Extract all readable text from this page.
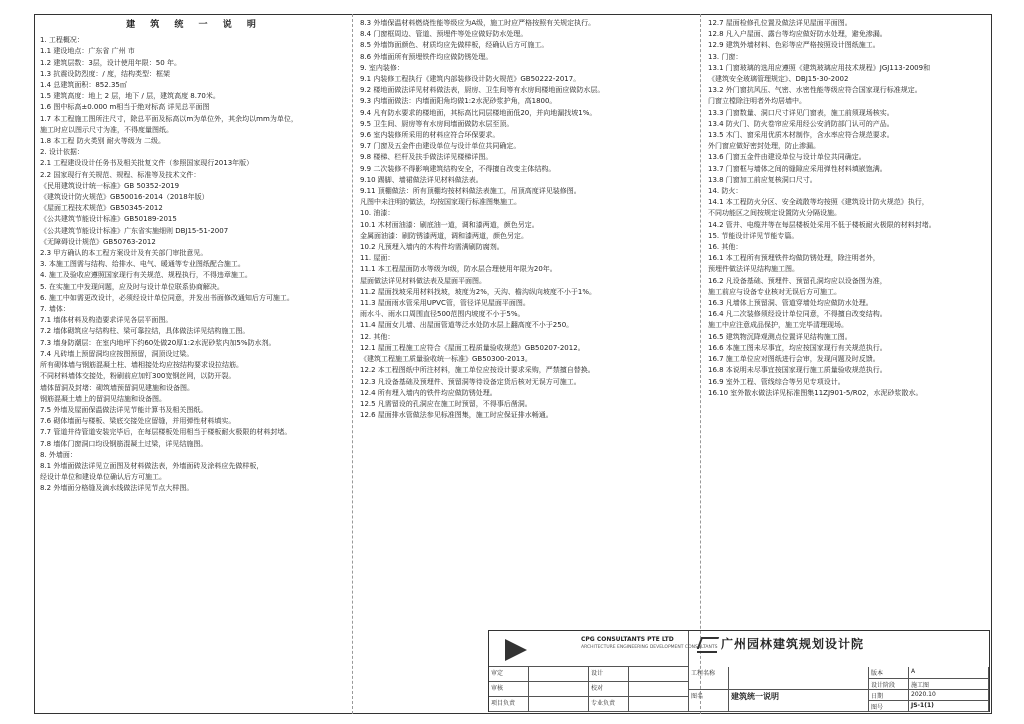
建 筑 统 一 说 明
1. 工程概况：
1.1 建设地点：广东省 广州 市
1.2 建筑层数：3层，设计使用年限：50 年。
1.3 抗震设防烈度：/ 度，结构类型：框架
1.4 总建筑面积：852.35㎡
1.5 建筑高度：地上 2 层，地下 / 层，建筑高度 8.70米。
1.6 图中标高±0.000 m相当于绝对标高 详见总平面图
1.7 本工程施工图所注尺寸，除总平面及标高以m为单位外，其余均以mm为单位，
施工时应以图示尺寸为准，不得度量图纸。
1.8 本工程 防火类别 耐火等级为 二级。
2. 设计依据：
2.1 工程建设设计任务书及相关批复文件（参照国家现行2013年版）
2.2 国家现行有关规范、规程、标准等及技术文件：
《民用建筑设计统一标准》GB 50352-2019
《建筑设计防火规范》GB50016-2014（2018年版）
《屋面工程技术规范》GB50345-2012
《公共建筑节能设计标准》GB50189-2015
《公共建筑节能设计标准》广东省实施细则 DBJ15-51-2007
《无障碍设计规范》GB50763-2012
2.3 甲方确认的本工程方案设计及有关部门审批意见。
3. 本施工图需与结构、给排水、电气、暖通等专业图纸配合施工。
4. 施工及验收应遵照国家现行有关规范、规程执行，不得违章施工。
5. 在实施工中发现问题，应及时与设计单位联系协商解决。
6. 施工中如需更改设计，必须经设计单位同意，并发出书面修改通知后方可施工。
7. 墙体：
7.1 墙体材料及构造要求详见各层平面图。
7.2 墙体砌筑应与结构柱、梁可靠拉结，具体做法详见结构施工图。
7.3 墙身防潮层：在室内地坪下约60处做20厚1:2水泥砂浆内加5%防水剂。
7.4 凡砖墙上预留洞均应按图预留，洞顶设过梁。
所有砌体墙与钢筋混凝土柱、墙相接处均应按结构要求设拉结筋。
不同材料墙体交接处，粉刷前应加钉300宽钢丝网，以防开裂。
墙体留洞及封堵：砌筑墙预留洞见建施和设备图。
钢筋混凝土墙上的留洞见结施和设备图。
7.5 外墙及屋面保温做法详见节能计算书及相关图纸。
7.6 砌体墙面与楼板、梁底交接处应留缝，并用弹性材料填实。
7.7 管道井待管道安装完毕后，在每层楼板处用相当于楼板耐火极限的材料封堵。
7.8 墙体门窗洞口均设钢筋混凝土过梁，详见结施图。
8. 外墙面：
8.1 外墙面做法详见立面图及材料做法表，外墙面砖及涂料应先做样板，
经设计单位和建设单位确认后方可施工。
8.2 外墙面分格缝及滴水线做法详见节点大样图。
8.3 外墙保温材料燃烧性能等级应为A级，施工时应严格按照有关规定执行。
8.4 门窗框周边、管道、预埋件等处应做好防水处理。
8.5 外墙饰面颜色、材质均应先做样板，经确认后方可施工。
8.6 外墙面所有预埋铁件均应做防锈处理。
9. 室内装修：
9.1 内装修工程执行《建筑内部装修设计防火规范》GB50222-2017。
9.2 楼地面做法详见材料做法表，厨房、卫生间等有水房间楼地面应做防水层。
9.3 内墙面做法：内墙面阳角均做1:2水泥砂浆护角，高1800。
9.4 凡有防水要求的楼地面，其标高比同层楼地面低20，并向地漏找坡1%。
9.5 卫生间、厨房等有水房间墙面做防水层至顶。
9.6 室内装修所采用的材料应符合环保要求。
9.7 门窗及五金件由建设单位与设计单位共同确定。
9.8 楼梯、栏杆及扶手做法详见楼梯详图。
9.9 二次装修不得影响建筑结构安全，不得擅自改变主体结构。
9.10 踢脚、墙裙做法详见材料做法表。
9.11 顶棚做法：所有顶棚均按材料做法表施工，吊顶高度详见装修图。
凡图中未注明的做法，均按国家现行标准图集施工。
10. 油漆：
10.1 木材面油漆：刷底油一道，调和漆两道，颜色另定。
金属面油漆：刷防锈漆两道，调和漆两道，颜色另定。
10.2 凡预埋入墙内的木构件均需满刷防腐剂。
11. 屋面：
11.1 本工程屋面防水等级为Ⅰ级，防水层合理使用年限为20年。
屋面做法详见材料做法表及屋面平面图。
11.2 屋面找坡采用材料找坡，坡度为2%，天沟、檐沟纵向坡度不小于1%。
11.3 屋面雨水管采用UPVC管，管径详见屋面平面图。
雨水斗、雨水口周围直径500范围内坡度不小于5%。
11.4 屋面女儿墙、出屋面管道等泛水处防水层上翻高度不小于250。
12. 其他：
12.1 屋面工程施工应符合《屋面工程质量验收规范》GB50207-2012。
《建筑工程施工质量验收统一标准》GB50300-2013。
12.2 本工程图纸中所注材料，施工单位应按设计要求采购，严禁擅自替换。
12.3 凡设备基础及预埋件、预留洞等待设备定货后核对无误方可施工。
12.4 所有埋入墙内的铁件均应做防锈处理。
12.5 凡需留设的孔洞应在施工时预留，不得事后凿洞。
12.6 屋面排水管做法参见标准图集，施工时应保证排水畅通。
12.7 屋面检修孔位置及做法详见屋面平面图。
12.8 凡入户屋面、露台等均应做好防水处理，避免渗漏。
12.9 建筑外墙材料、色彩等应严格按照设计图纸施工。
13. 门窗：
13.1 门窗玻璃的选用应遵照《建筑玻璃应用技术规程》JGJ113-2009和
《建筑安全玻璃管理规定》、DBJ15-30-2002
13.2 外门窗抗风压、气密、水密性能等级应符合国家现行标准规定。
门窗立樘除注明者外均居墙中。
13.3 门窗数量、洞口尺寸详见门窗表，施工前须现场核实。
13.4 防火门、防火卷帘应采用经公安消防部门认可的产品。
13.5 木门、窗采用优质木材制作，含水率应符合规范要求。
外门窗应做好密封处理，防止渗漏。
13.6 门窗五金件由建设单位与设计单位共同确定。
13.7 门窗框与墙体之间的缝隙应采用弹性材料填嵌饱满。
13.8 门窗加工前应复核洞口尺寸。
14. 防火：
14.1 本工程防火分区、安全疏散等均按照《建筑设计防火规范》执行，
不同功能区之间按规定设置防火分隔设施。
14.2 管井、电缆井等在每层楼板处采用不低于楼板耐火极限的材料封堵。
15. 节能设计详见节能专篇。
16. 其他：
16.1 本工程所有预埋铁件均做防锈处理，除注明者外，
预埋件做法详见结构施工图。
16.2 凡设备基础、预埋件、预留孔洞均应以设备图为准，
施工前应与设备专业核对无误后方可施工。
16.3 凡墙体上预留洞、管道穿墙处均应做防水处理。
16.4 凡二次装修须经设计单位同意，不得擅自改变结构。
施工中应注意成品保护，施工完毕清理现场。
16.5 建筑物沉降观测点位置详见结构施工图。
16.6 本施工图未尽事宜，均应按国家现行有关规范执行。
16.7 施工单位应对图纸进行会审，发现问题及时反馈。
16.8 本说明未尽事宜按国家现行施工质量验收规范执行。
16.9 室外工程、管线综合等另见专项设计。
16.10 室外散水做法详见标准图集11ZJ901-5/R02，水泥砂浆散水。
CPG CONSULTANTS PTE LTD
ARCHITECTURE ENGINEERING DEVELOPMENT CONSULTANTS 广州园林建筑规划设计院
审定	设计
审核	校对
项目负责	专业负责
工程名称
图名	建筑统一说明
版本	A
设计阶段	施工图
日期	2020.10
图号	JS-1(1)
